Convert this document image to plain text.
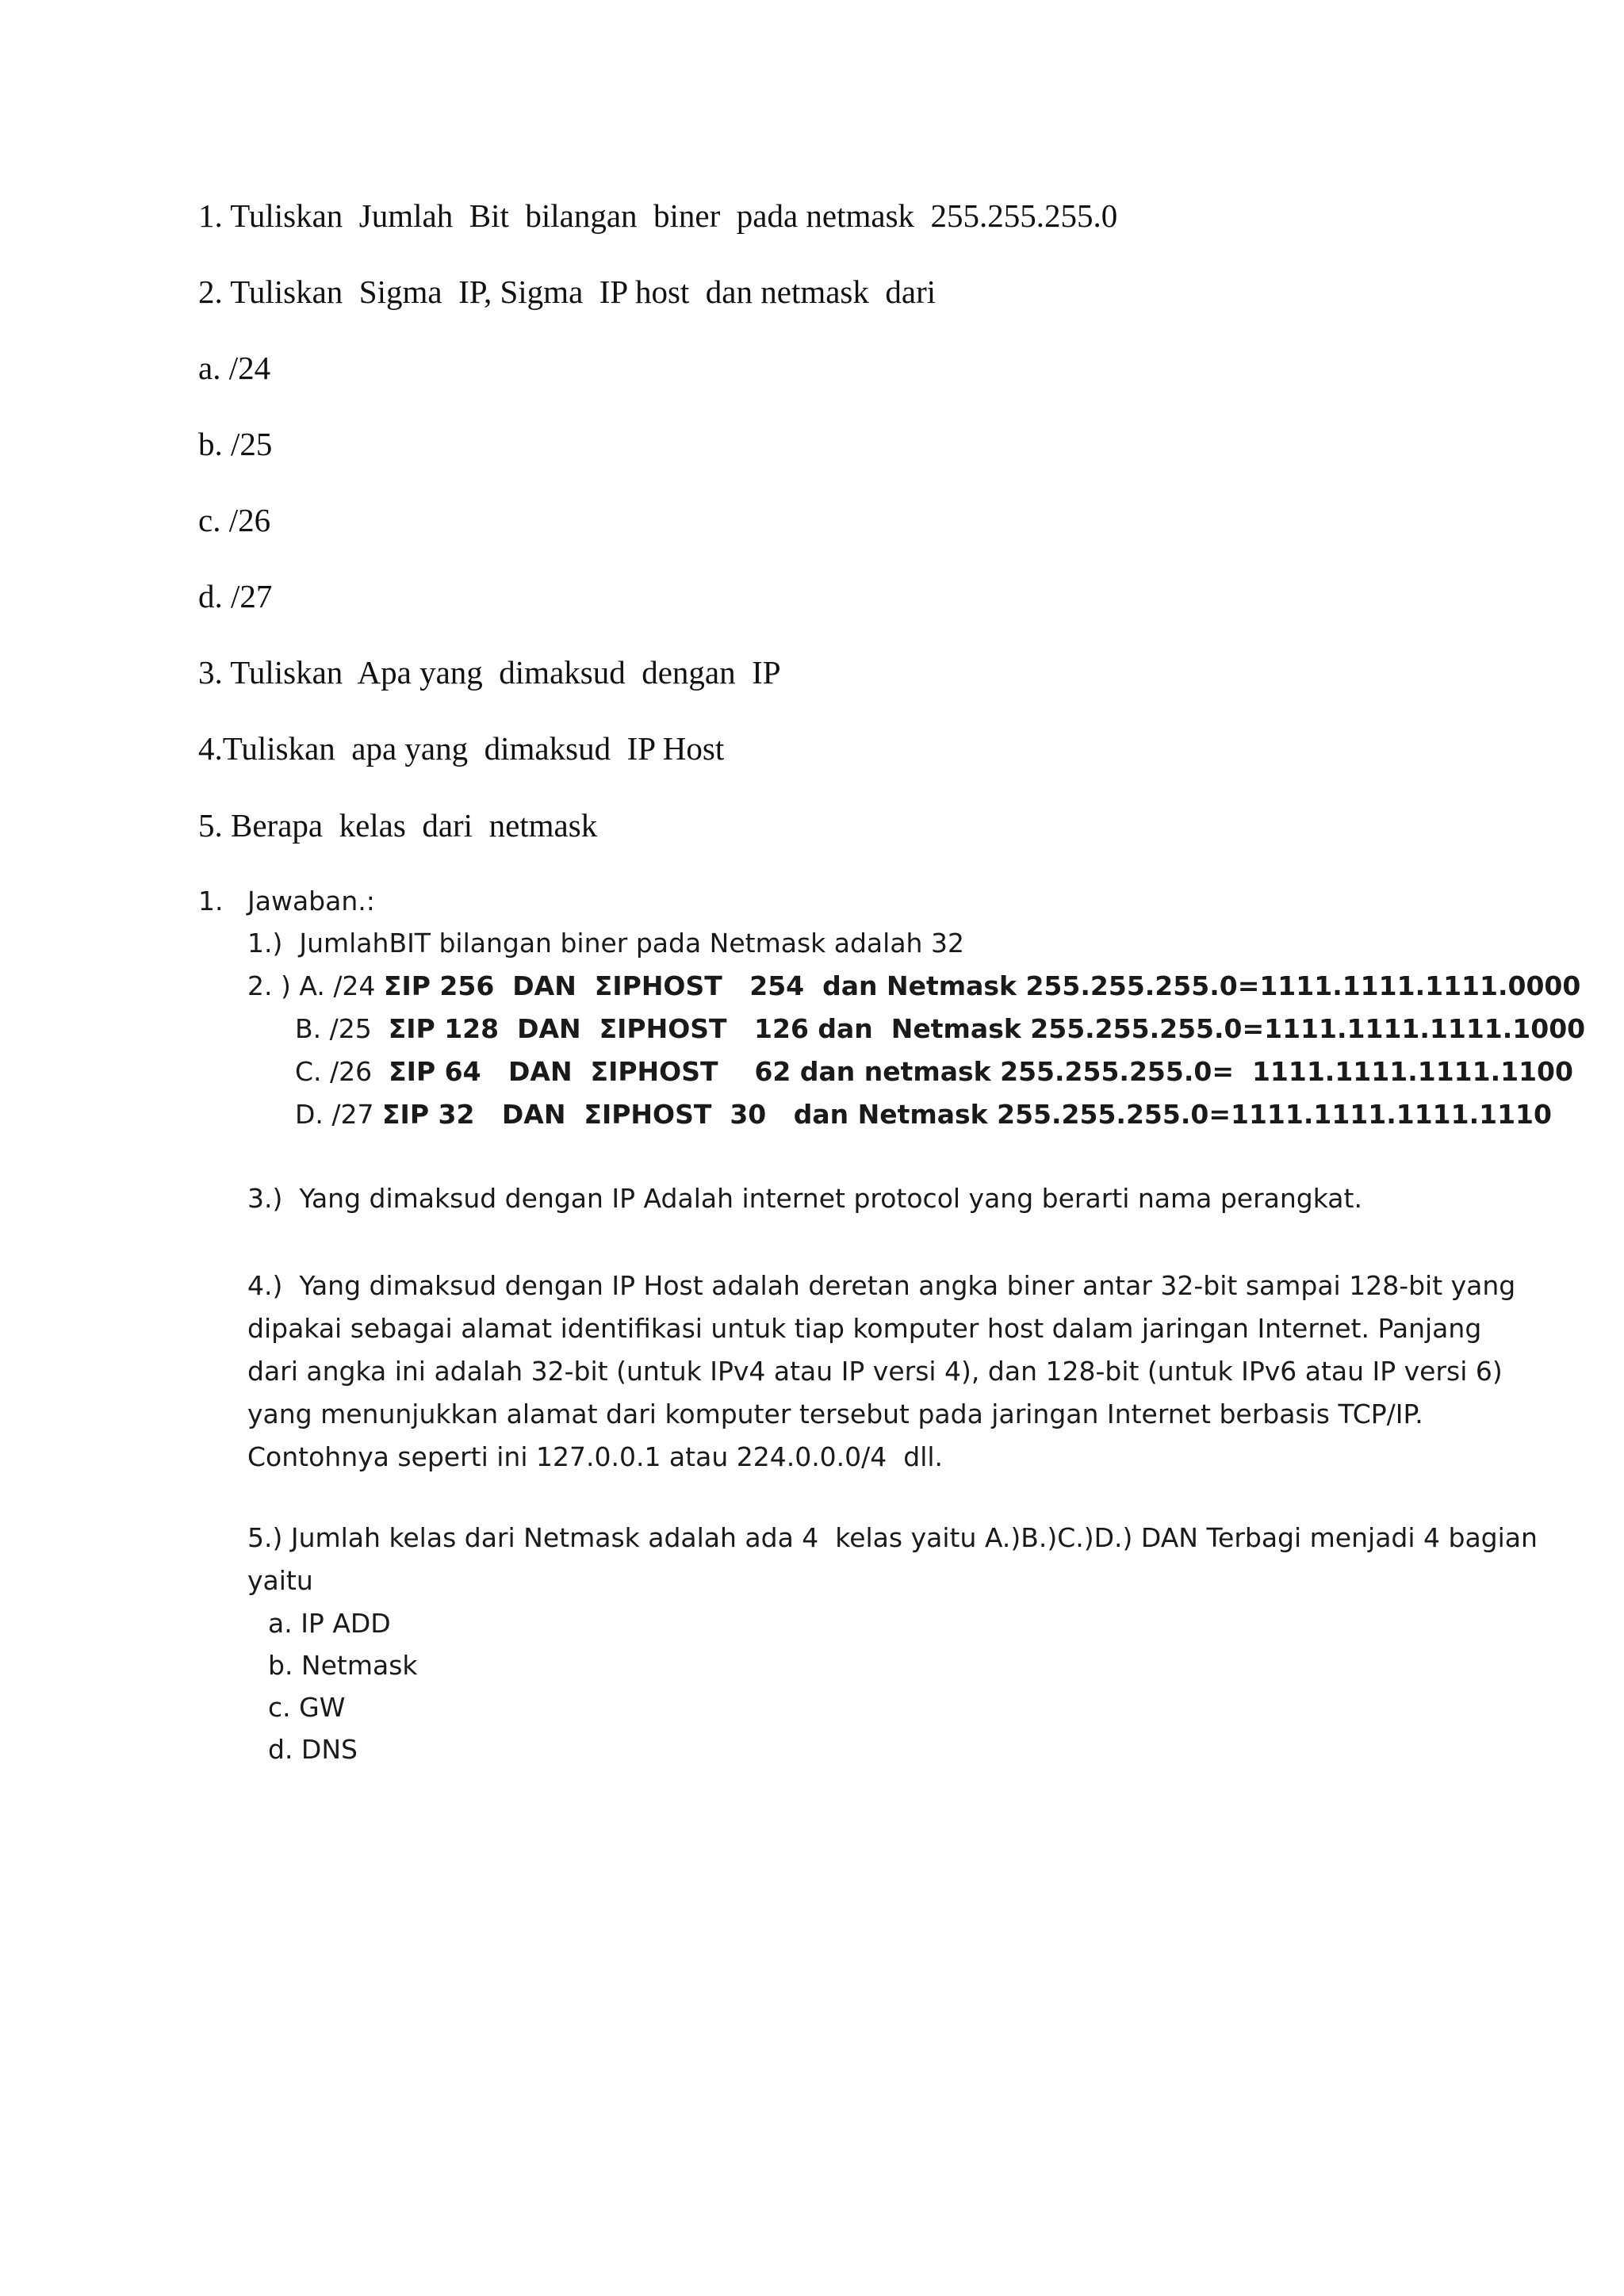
1. Tuliskan  Jumlah  Bit  bilangan  biner  pada netmask  255.255.255.0
2. Tuliskan  Sigma  IP, Sigma  IP host  dan netmask  dari
a. /24
b. /25
c. /26
d. /27
3. Tuliskan  Apa yang  dimaksud  dengan  IP
4.Tuliskan  apa yang  dimaksud  IP Host
5. Berapa  kelas  dari  netmask
1. Jawaban.:
1.)  JumlahBIT bilangan biner pada Netmask adalah 32
2. ) A. /24 ΣIP 256  DAN  ΣIPHOST   254  dan Netmask 255.255.255.0=1111.1111.1111.0000
B. /25  ΣIP 128  DAN  ΣIPHOST   126 dan  Netmask 255.255.255.0=1111.1111.1111.1000
C. /26  ΣIP 64   DAN  ΣIPHOST    62 dan netmask 255.255.255.0=  1111.1111.1111.1100
D. /27 ΣIP 32   DAN  ΣIPHOST  30   dan Netmask 255.255.255.0=1111.1111.1111.1110
3.)  Yang dimaksud dengan IP Adalah internet protocol yang berarti nama perangkat.
4.)  Yang dimaksud dengan IP Host adalah deretan angka biner antar 32-bit sampai 128-bit yang
dipakai sebagai alamat identifikasi untuk tiap komputer host dalam jaringan Internet. Panjang
dari angka ini adalah 32-bit (untuk IPv4 atau IP versi 4), dan 128-bit (untuk IPv6 atau IP versi 6)
yang menunjukkan alamat dari komputer tersebut pada jaringan Internet berbasis TCP/IP.
Contohnya seperti ini 127.0.0.1 atau 224.0.0.0/4  dll.
5.) Jumlah kelas dari Netmask adalah ada 4  kelas yaitu A.)B.)C.)D.) DAN Terbagi menjadi 4 bagian
yaitu
a. IP ADD
b. Netmask
c. GW
d. DNS
